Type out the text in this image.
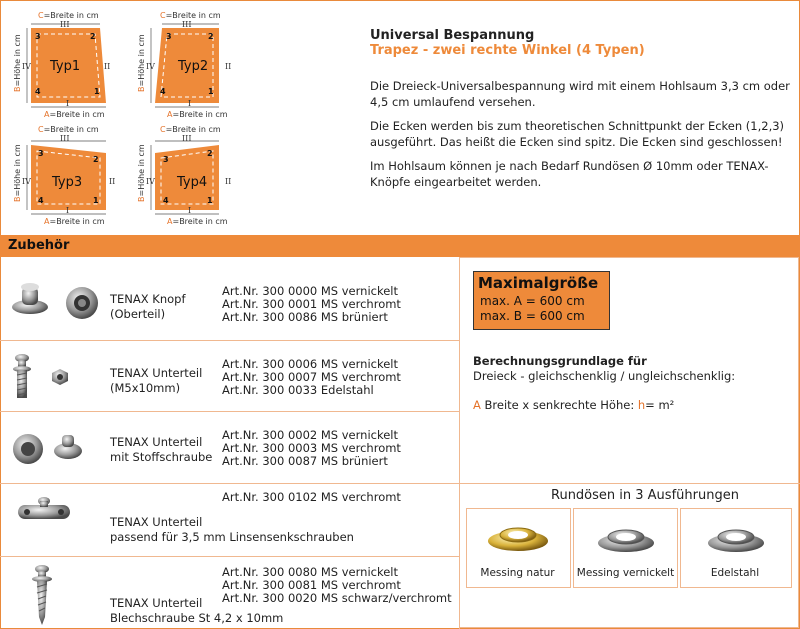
C=Breite in cm
III
IV	II
I
A=Breite in cm
B=Höhe in cm 3	2
4	1
Typ1
C=Breite in cm
III
IV	II
I
A=Breite in cm
B=Höhe in cm	3	2
4	1
Typ2
C=Breite in cm
III
IV	II
I
A=Breite in cm
B=Höhe in cm 3
2
4	1
Typ3
C=Breite in cm
III
IV	II
I
A=Breite in cm
B=Höhe in cm 3
2
4	1
Typ4
Universal Bespannung
Trapez - zwei rechte Winkel (4 Typen)

Die Dreieck-Universalbespannung wird mit einem Hohlsaum 3,3 cm oder 4,5 cm umlaufend versehen.

Die Ecken werden bis zum theoretischen Schnittpunkt der Ecken (1,2,3) ausgeführt. Das heißt die Ecken sind spitz. Die Ecken sind geschlossen!

Im Hohlsaum können je nach Bedarf Rundösen Ø 10mm oder TENAX-Knöpfe eingearbeitet werden.

Zubehör
TENAX Knopf
(Oberteil)
Art.Nr. 300 0000 MS vernickelt
Art.Nr. 300 0001 MS verchromt
Art.Nr. 300 0086 MS brüniert
TENAX Unterteil
(M5x10mm)
Art.Nr. 300 0006 MS vernickelt
Art.Nr. 300 0007 MS verchromt
Art.Nr. 300 0033 Edelstahl
TENAX Unterteil
mit Stoffschraube
Art.Nr. 300 0002 MS vernickelt
Art.Nr. 300 0003 MS verchromt
Art.Nr. 300 0087 MS brüniert
Art.Nr. 300 0102 MS verchromt
TENAX Unterteil
passend für 3,5 mm Linsensenkschrauben
Art.Nr. 300 0080 MS vernickelt
Art.Nr. 300 0081 MS verchromt
Art.Nr. 300 0020 MS schwarz/verchromt
TENAX Unterteil
Blechschraube St 4,2 x 10mm
Maximalgröße
max. A = 600 cm
max. B = 600 cm
Berechnungsgrundlage für
Dreieck - gleichschenklig / ungleichschenklig:
A Breite x senkrechte Höhe: h= m²
Rundösen in 3 Ausführungen
Messing natur	Messing vernickelt	Edelstahl
